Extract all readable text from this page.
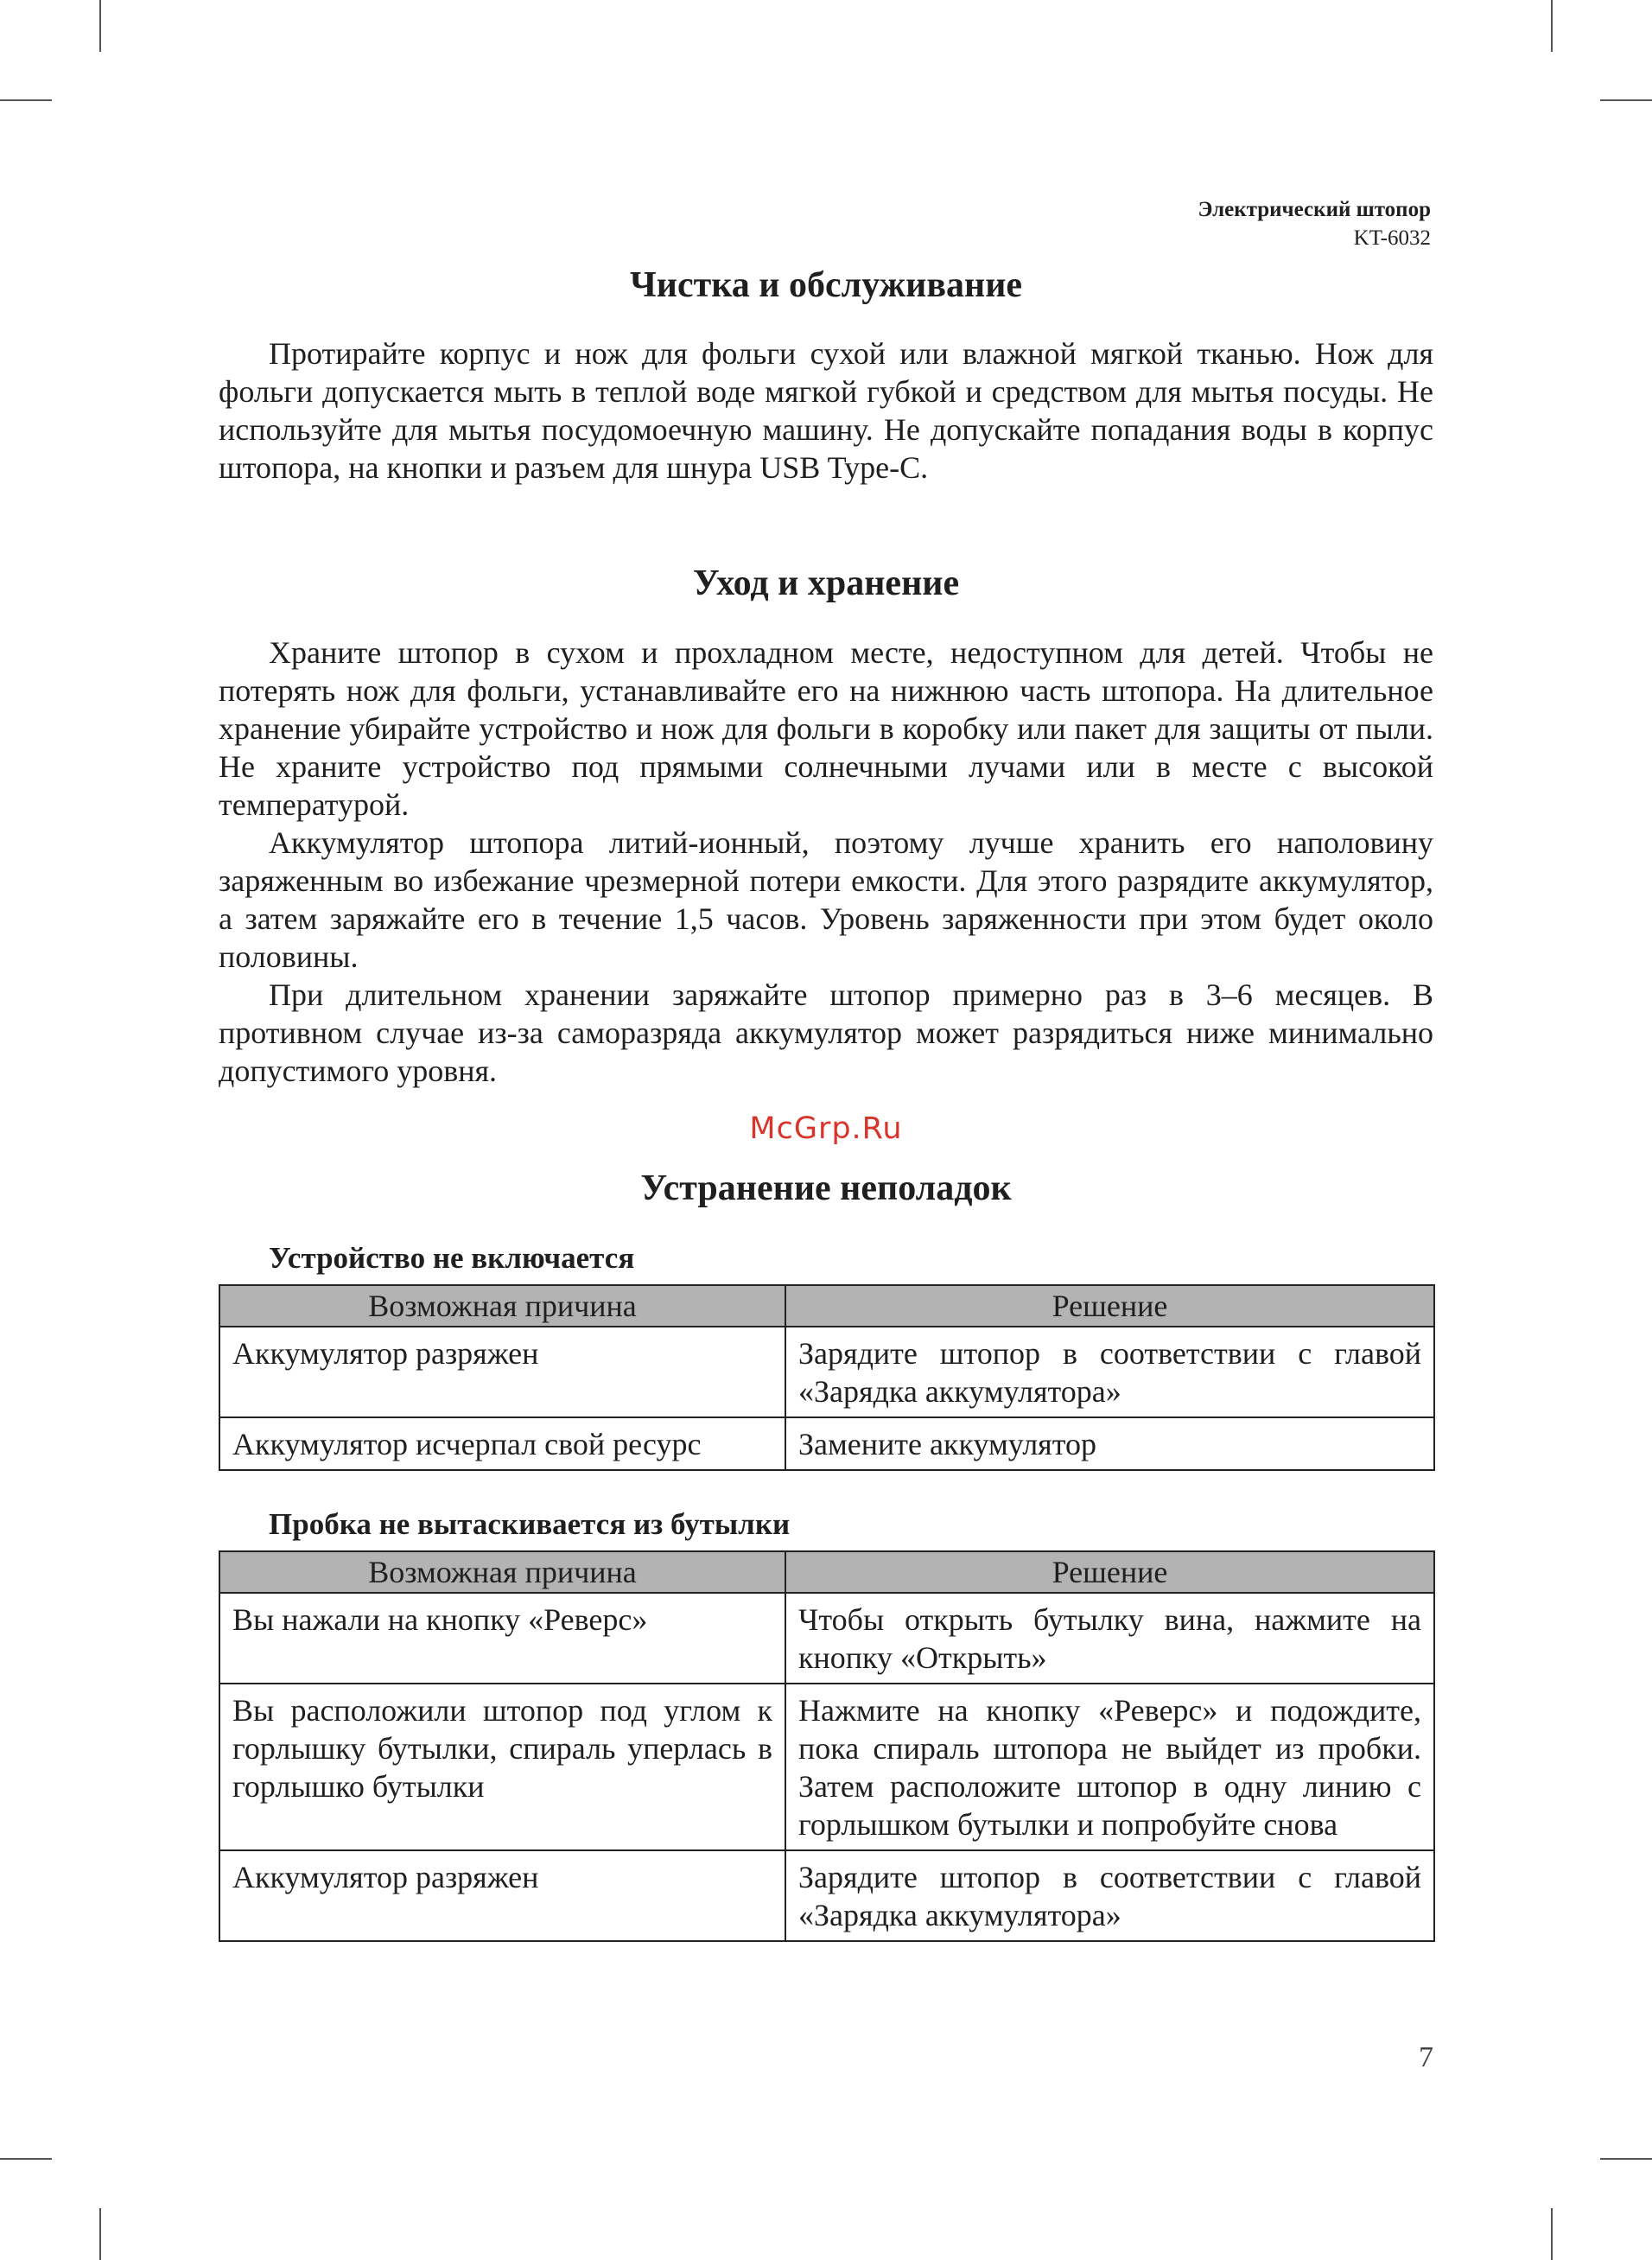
Электрический штопор
KT-6032
Чистка и обслуживание

Протирайте корпус и нож для фольги сухой или влажной мягкой тканью. Нож для фольги допускается мыть в теплой воде мягкой губкой и средством для мытья посуды. Не используйте для мытья посудомоечную машину. Не допускайте попадания воды в корпус штопора, на кнопки и разъем для шнура USB Type-C.

Уход и хранение

Храните штопор в сухом и прохладном месте, недоступном для детей. Чтобы не потерять нож для фольги, устанавливайте его на нижнюю часть штопора. На длительное хранение убирайте устройство и нож для фольги в коробку или пакет для защиты от пыли. Не храните устройство под прямыми солнечными лучами или в месте с высокой температурой.

Аккумулятор штопора литий-ионный, поэтому лучше хранить его наполовину заряженным во избежание чрезмерной потери емкости. Для этого разрядите аккумулятор, а затем заряжайте его в течение 1,5 часов. Уровень заряженности при этом будет около половины.

При длительном хранении заряжайте штопор примерно раз в 3–6 месяцев. В противном случае из-за саморазряда аккумулятор может разрядиться ниже минимально допустимого уровня.

McGrp.Ru
Устранение неполадок
Устройство не включается
Возможная причина	Решение
Аккумулятор разряжен	Зарядите штопор в соответствии с главой «Зарядка аккумулятора»
Аккумулятор исчерпал свой ресурс	Замените аккумулятор
Пробка не вытаскивается из бутылки
Возможная причина	Решение
Вы нажали на кнопку «Реверс»	Чтобы открыть бутылку вина, нажмите на кнопку «Открыть»
Вы расположили штопор под углом к горлышку бутылки, спираль уперлась в горлышко бутылки	Нажмите на кнопку «Реверс» и подождите, пока спираль штопора не выйдет из пробки. Затем расположите штопор в одну линию с горлышком бутылки и попробуйте снова
Аккумулятор разряжен	Зарядите штопор в соответствии с главой «Зарядка аккумулятора»
7
